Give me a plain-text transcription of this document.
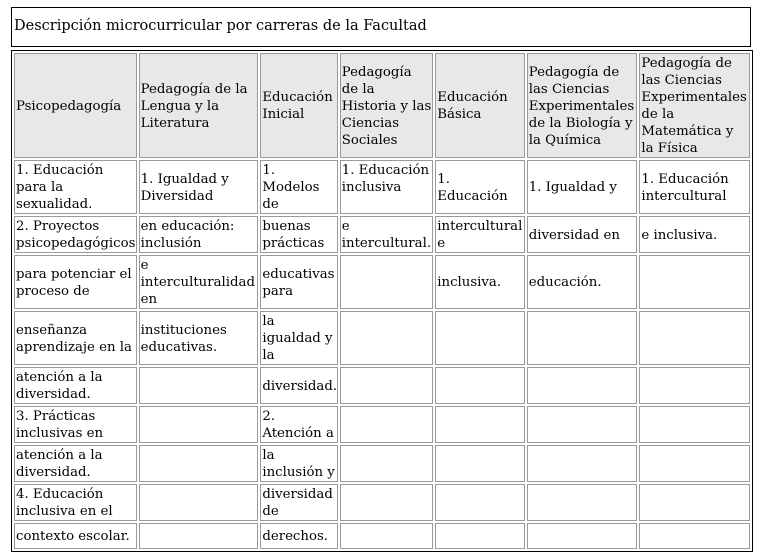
Descripción microcurricular por carreras de la Facultad
Psicopedagogía	Pedagogía de la Lengua y la Literatura	Educación Inicial	Pedagogía de la Historia y las Ciencias Sociales	Educación Básica	Pedagogía de las Ciencias Experimentales de la Biología y la Química	Pedagogía de las Ciencias Experimentales de la Matemática y la Física
1. Educación para la sexualidad.	1. Igualdad y Diversidad	1. Modelos de	1. Educación inclusiva	1. Educación	1. Igualdad y	1. Educación intercultural
2. Proyectos psicopedagógicos	en educación: inclusión	buenas prácticas	e intercultural.	intercultural e	diversidad en	e inclusiva.
para potenciar el proceso de	e interculturalidad en	educativas para		inclusiva.	educación.	
enseñanza aprendizaje en la	instituciones educativas.	la igualdad y la				
atención a la diversidad.		diversidad.				
3. Prácticas inclusivas en		2. Atención a				
atención a la diversidad.		la inclusión y				
4. Educación inclusiva en el		diversidad de				
contexto escolar.		derechos.				
